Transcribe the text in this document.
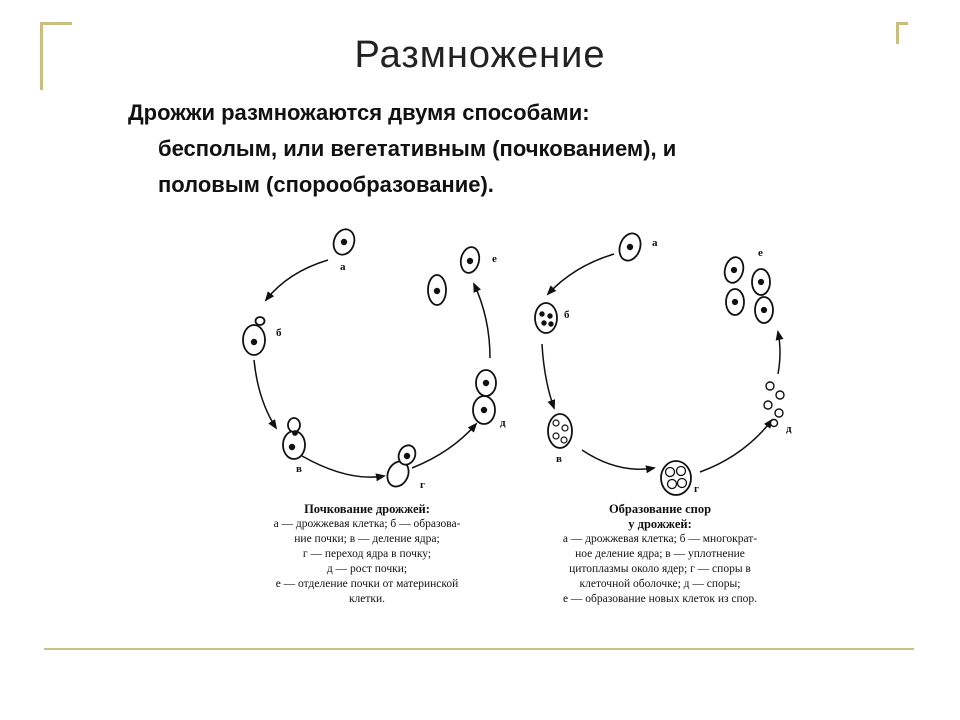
Размножение
Дрожжи размножаются двумя способами:
бесполым, или вегетативным (почкованием), и
половым (спорообразование).
а
б
в
г
д
е
а
б
в
г
д
е
Почкование дрожжей:
а — дрожжевая клетка; б — образова-
ние почки; в — деление ядра;
г — переход ядра в почку;
д — рост почки;
е — отделение почки от материнской
клетки.
Образование спор
у дрожжей:
а — дрожжевая клетка; б — многократ-
ное деление ядра; в — уплотнение
цитоплазмы около ядер; г — споры в
клеточной оболочке; д — споры;
е — образование новых клеток из спор.
